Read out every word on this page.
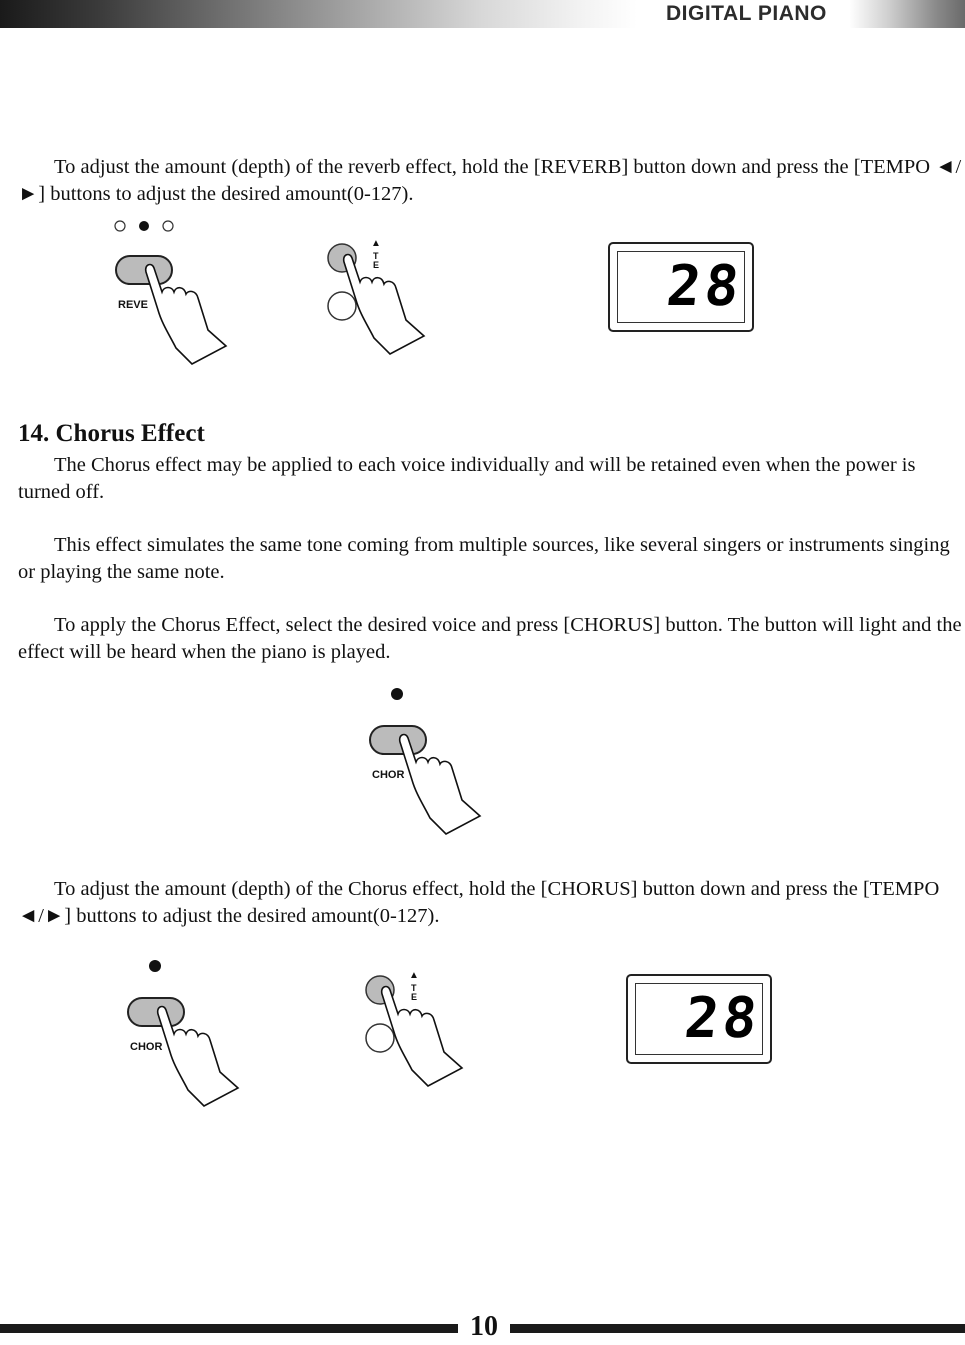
DIGITAL PIANO

To adjust the amount (depth) of the reverb effect, hold the [REVERB] button down and press the [TEMPO ◄/►] buttons to adjust the desired amount(0-127).

REVE
▲
T E	28
14. Chorus Effect

The Chorus effect may be applied to each voice individually and will be retained even when the power is turned off.

This effect simulates the same tone coming from multiple sources, like several singers or instruments singing or playing the same note.

To apply the Chorus Effect, select the desired voice and press [CHORUS] button. The button will light and the effect will be heard when the piano is played.

CHOR

To adjust the amount (depth) of the Chorus effect, hold the [CHORUS] button down and press the [TEMPO ◄/►] buttons to adjust the desired amount(0-127).

CHOR
▲
T E	28
10
